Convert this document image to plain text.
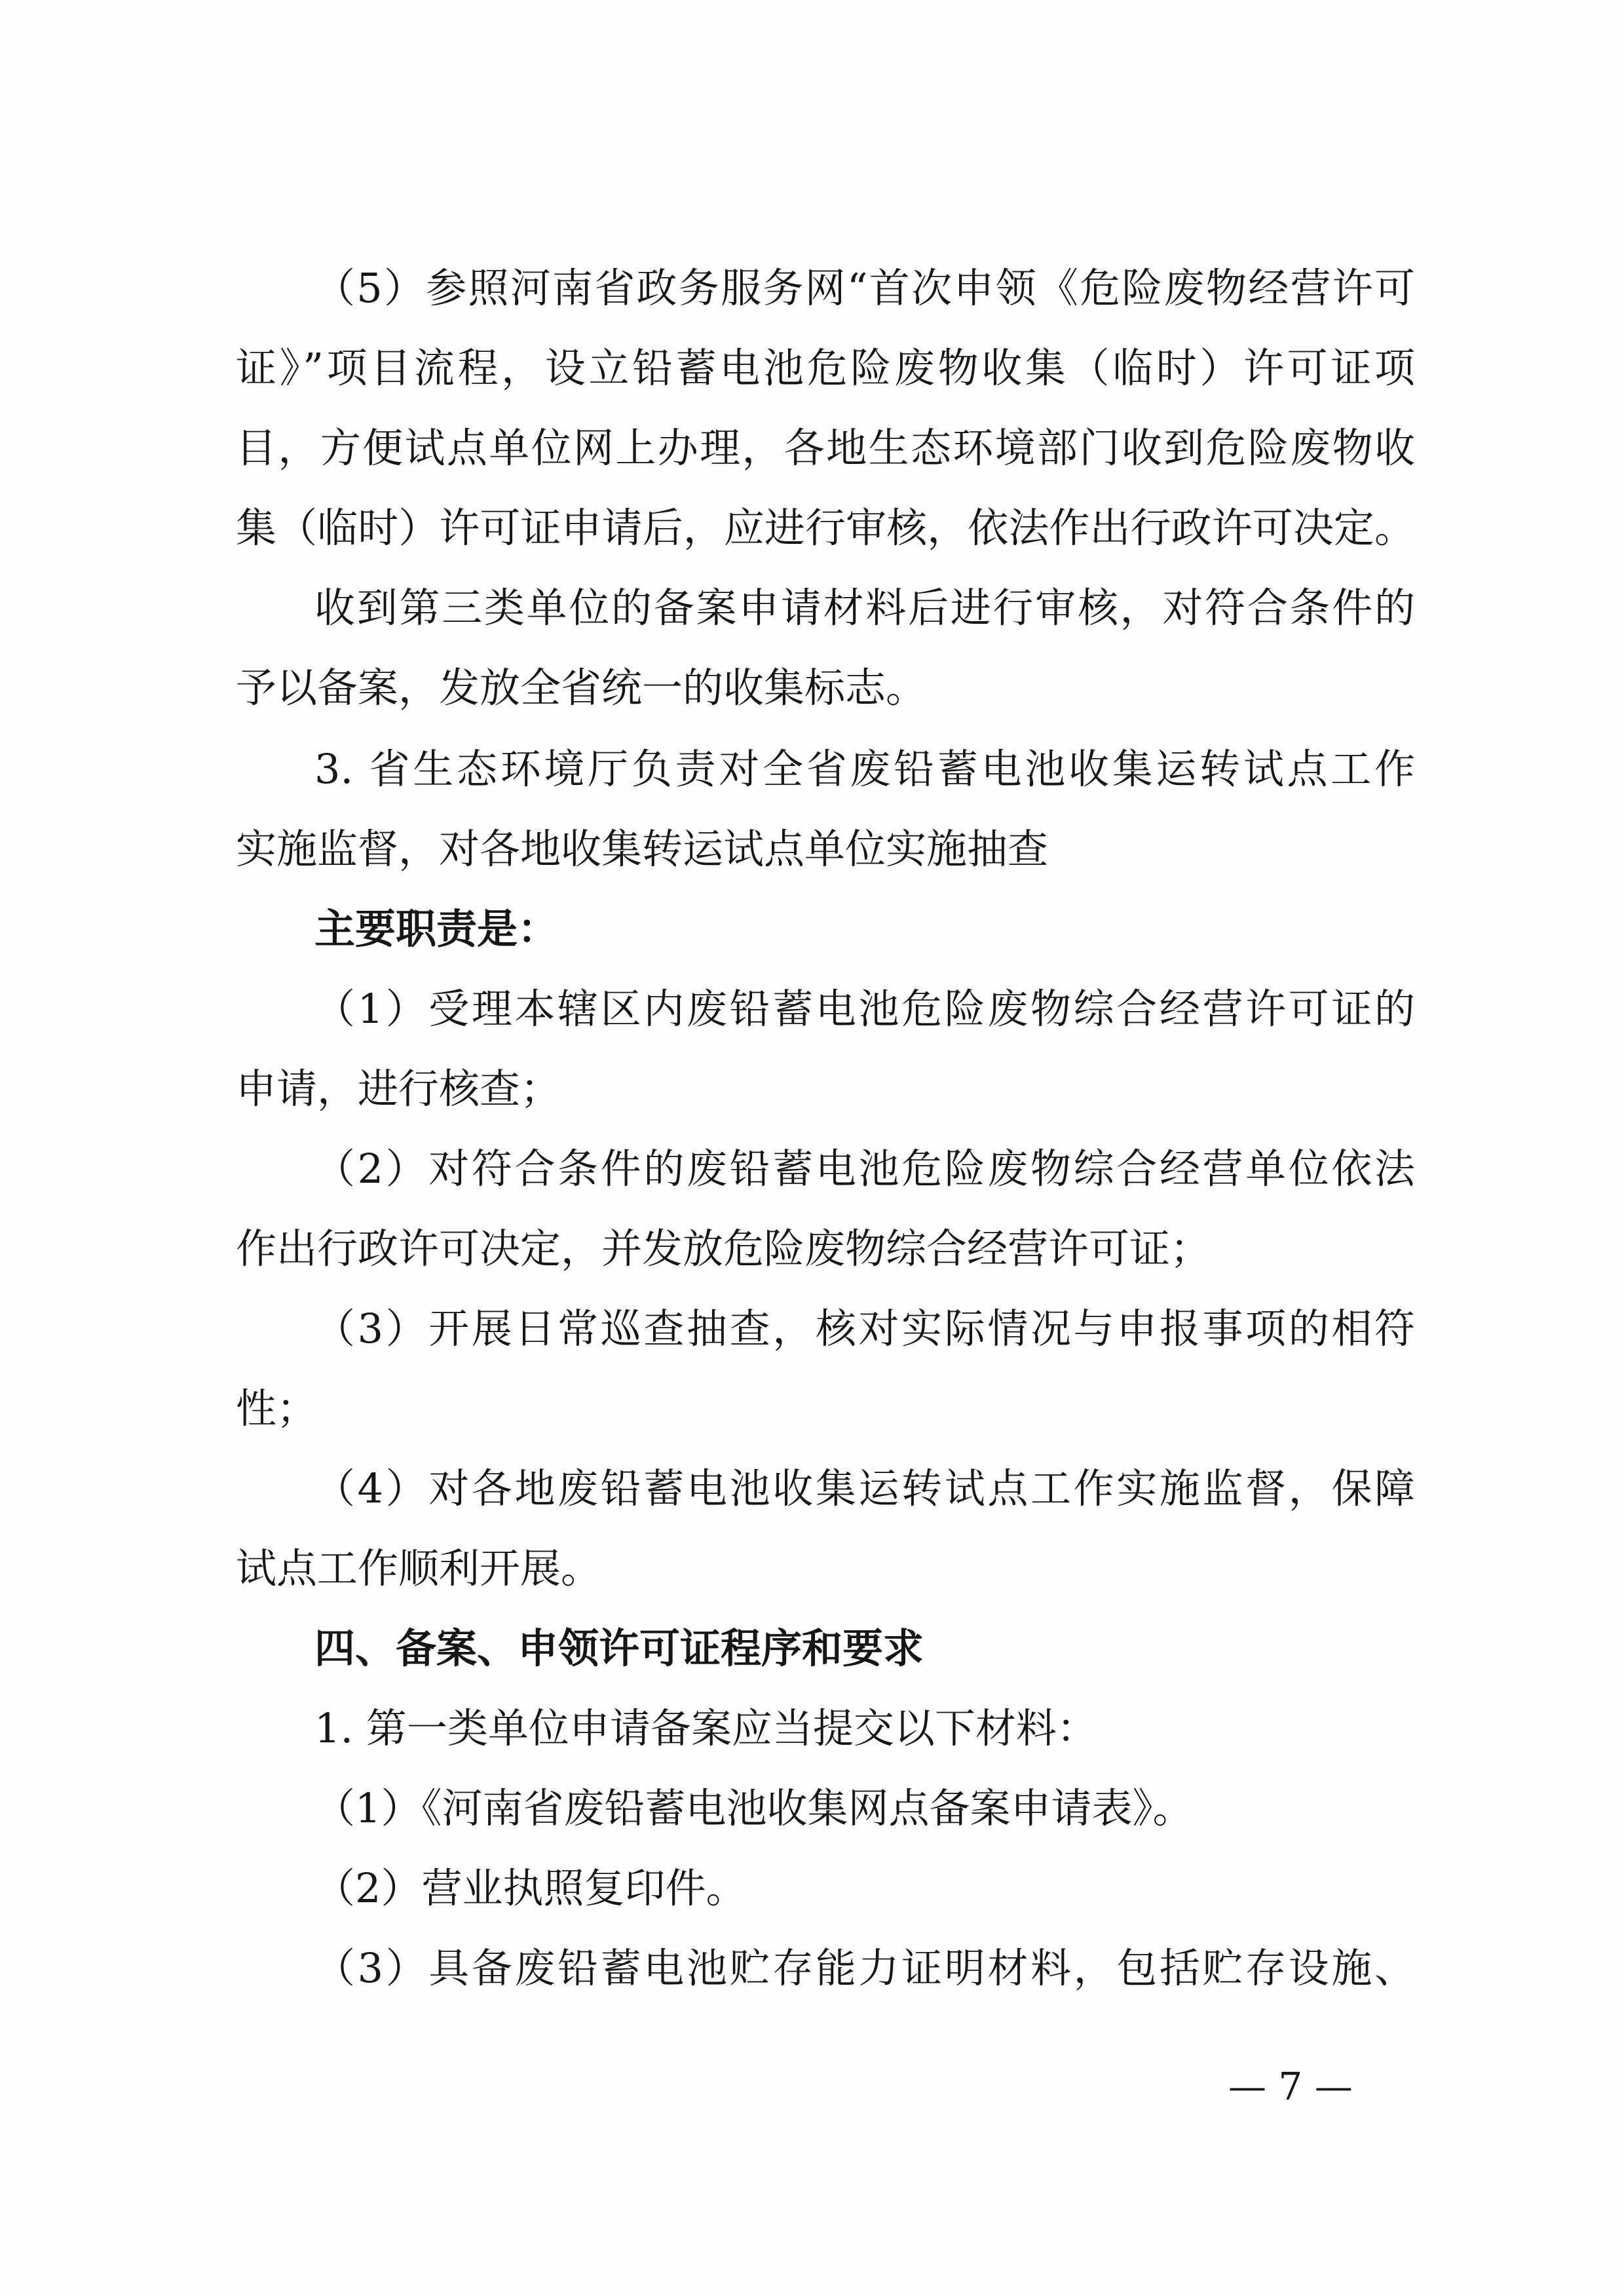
（5）参照河南省政务服务网“首次申领《危险废物经营许可
证》”项目流程，设立铅蓄电池危险废物收集（临时）许可证项
目，方便试点单位网上办理，各地生态环境部门收到危险废物收
集（临时）许可证申请后，应进行审核，依法作出行政许可决定。
收到第三类单位的备案申请材料后进行审核，对符合条件的
予以备案，发放全省统一的收集标志。
3. 省生态环境厅负责对全省废铅蓄电池收集运转试点工作
实施监督，对各地收集转运试点单位实施抽查
主要职责是：
（1）受理本辖区内废铅蓄电池危险废物综合经营许可证的
申请，进行核查；
（2）对符合条件的废铅蓄电池危险废物综合经营单位依法
作出行政许可决定，并发放危险废物综合经营许可证；
（3）开展日常巡查抽查，核对实际情况与申报事项的相符
性；
（4）对各地废铅蓄电池收集运转试点工作实施监督，保障
试点工作顺利开展。
四、备案、申领许可证程序和要求
1. 第一类单位申请备案应当提交以下材料：
（1）《河南省废铅蓄电池收集网点备案申请表》。
（2）营业执照复印件。
（3）具备废铅蓄电池贮存能力证明材料，包括贮存设施、
— 7 —
